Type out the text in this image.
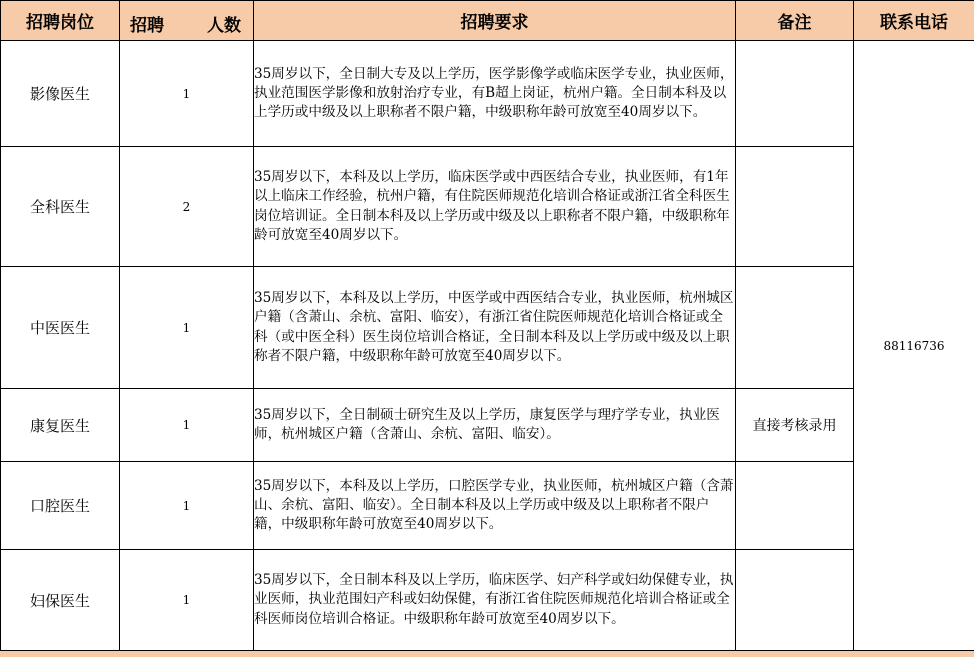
招聘岗位	招聘 人数	招聘要求	备注	联系电话
影像医生	1	35周岁以下，全日制大专及以上学历，医学影像学或临床医学专业，执业医师，执业范围医学影像和放射治疗专业，有B超上岗证，杭州户籍。全日制本科及以上学历或中级及以上职称者不限户籍，中级职称年龄可放宽至40周岁以下。		88116736
全科医生	2	35周岁以下，本科及以上学历，临床医学或中西医结合专业，执业医师，有1年以上临床工作经验，杭州户籍，有住院医师规范化培训合格证或浙江省全科医生岗位培训证。全日制本科及以上学历或中级及以上职称者不限户籍，中级职称年龄可放宽至40周岁以下。		

中医医生	1	35周岁以下，本科及以上学历，中医学或中西医结合专业，执业医师，杭州城区户籍（含萧山、余杭、富阳、临安），有浙江省住院医师规范化培训合格证或全科（或中医全科）医生岗位培训合格证，全日制本科及以上学历或中级及以上职称者不限户籍，中级职称年龄可放宽至40周岁以下。		

康复医生	1	35周岁以下，全日制硕士研究生及以上学历，康复医学与理疗学专业，执业医师，杭州城区户籍（含萧山、余杭、富阳、临安）。	直接考核录用	
口腔医生	1	35周岁以下，本科及以上学历，口腔医学专业，执业医师，杭州城区户籍（含萧山、余杭、富阳、临安）。全日制本科及以上学历或中级及以上职称者不限户籍，中级职称年龄可放宽至40周岁以下。		

妇保医生	1	35周岁以下，全日制本科及以上学历，临床医学、妇产科学或妇幼保健专业，执业医师，执业范围妇产科或妇幼保健，有浙江省住院医师规范化培训合格证或全科医师岗位培训合格证。中级职称年龄可放宽至40周岁以下。		
